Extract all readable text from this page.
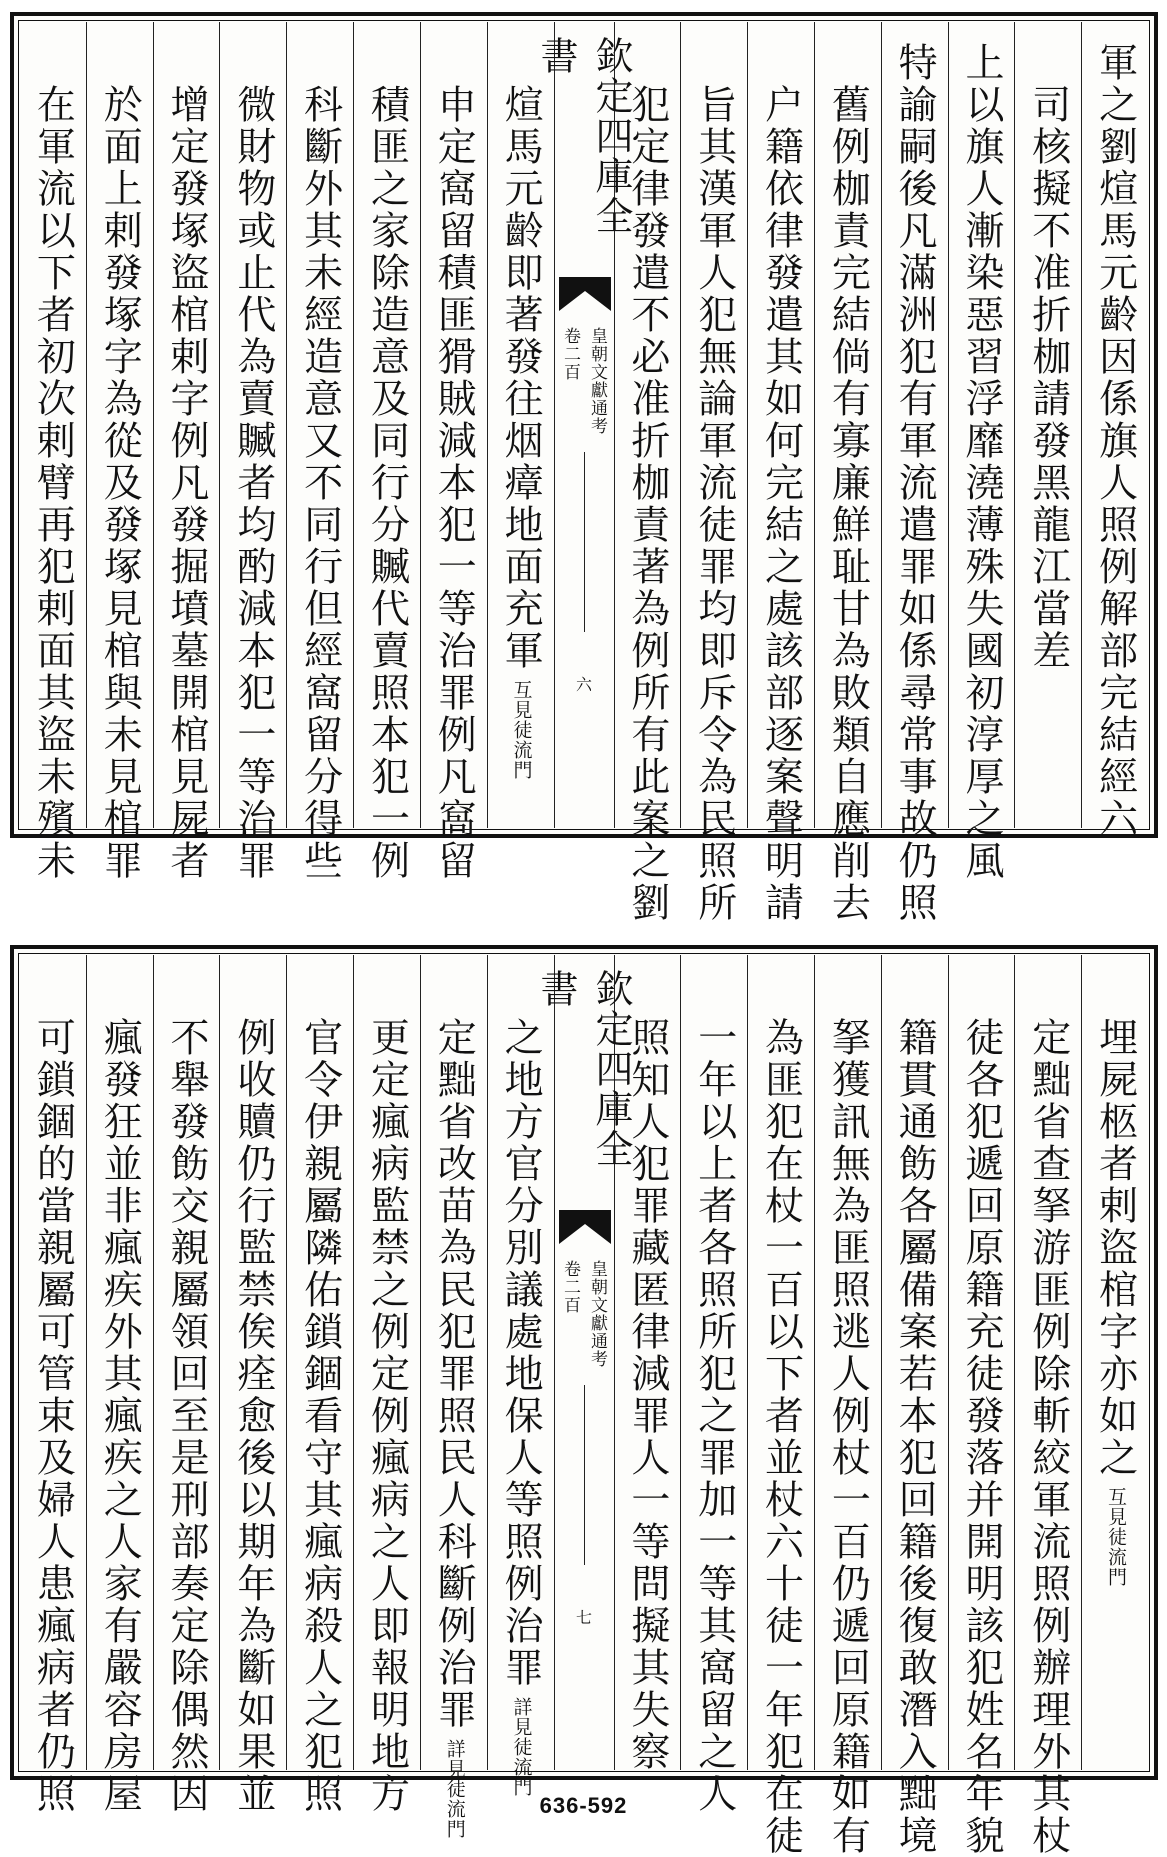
軍之劉煊馬元齡因係旗人照例解部完結經六
司核擬不准折枷請發黑龍江當差
上以旗人漸染惡習浮靡澆薄殊失國初淳厚之風
特諭嗣後凡滿洲犯有軍流遣罪如係尋常事故仍照
舊例枷責完結倘有寡廉鮮耻甘為敗類自應削去
户籍依律發遣其如何完結之處該部逐案聲明請
旨其漢軍人犯無論軍流徒罪均即斥令為民照所
犯定律發遣不必准折枷責著為例所有此案之劉
欽定四庫全書
皇朝文獻通考
卷二百
六
煊馬元齡即著發往烟瘴地面充軍
互見徒流門
申定窩留積匪猾賊減本犯一等治罪例凡窩留
積匪之家除造意及同行分贓代賣照本犯一例
科斷外其未經造意又不同行但經窩留分得些
微財物或止代為賣贓者均酌減本犯一等治罪
增定發塚盜棺剌字例凡發掘墳墓開棺見屍者
於面上剌發塚字為從及發塚見棺與未見棺罪
在軍流以下者初次剌臂再犯剌面其盜未殯未
埋屍柩者剌盜棺字亦如之
互見徒流門
定黜省查拏游匪例除斬絞軍流照例辦理外其杖
徒各犯遞回原籍充徒發落并開明該犯姓名年貌
籍貫通飭各屬備案若本犯回籍後復敢潛入黜境
拏獲訊無為匪照逃人例杖一百仍遞回原籍如有
為匪犯在杖一百以下者並杖六十徒一年犯在徒
一年以上者各照所犯之罪加一等其窩留之人
照知人犯罪藏匿律減罪人一等問擬其失察
欽定四庫全書
皇朝文獻通考
卷二百
七
之地方官分別議處地保人等照例治罪
詳見徒流門
定黜省改苗為民犯罪照民人科斷例治罪
詳見徒流門
更定瘋病監禁之例定例瘋病之人即報明地方
官令伊親屬隣佑鎖錮看守其瘋病殺人之犯照
例收贖仍行監禁俟痊愈後以期年為斷如果並
不舉發飭交親屬領回至是刑部奏定除偶然因
瘋發狂並非瘋疾外其瘋疾之人家有嚴容房屋
可鎖錮的當親屬可管束及婦人患瘋病者仍照	636-592
